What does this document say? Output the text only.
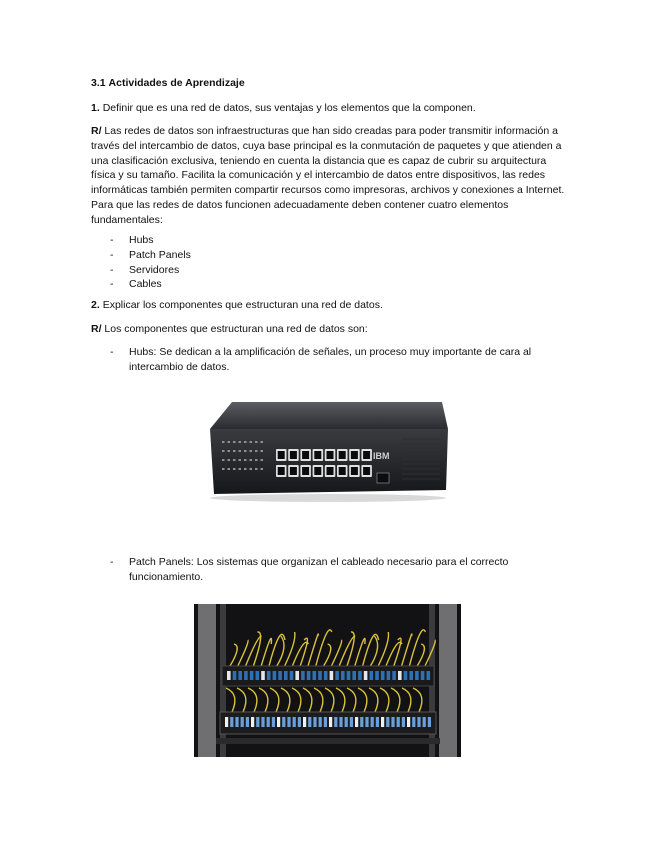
3.1 Actividades de Aprendizaje
1. Definir que es una red de datos, sus ventajas y los elementos que la componen.
R/ Las redes de datos son infraestructuras que han sido creadas para poder transmitir información a través del intercambio de datos, cuya base principal es la conmutación de paquetes y que atienden a una clasificación exclusiva, teniendo en cuenta la distancia que es capaz de cubrir su arquitectura física y su tamaño. Facilita la comunicación y el intercambio de datos entre dispositivos, las redes informáticas también permiten compartir recursos como impresoras, archivos y conexiones a Internet. Para que las redes de datos funcionen adecuadamente deben contener cuatro elementos fundamentales:
- Hubs
- Patch Panels
- Servidores
- Cables
2. Explicar los componentes que estructuran una red de datos.
R/ Los componentes que estructuran una red de datos son:
- Hubs: Se dedican a la amplificación de señales, un proceso muy importante de cara al intercambio de datos.
IBM
- Patch Panels: Los sistemas que organizan el cableado necesario para el correcto funcionamiento.
